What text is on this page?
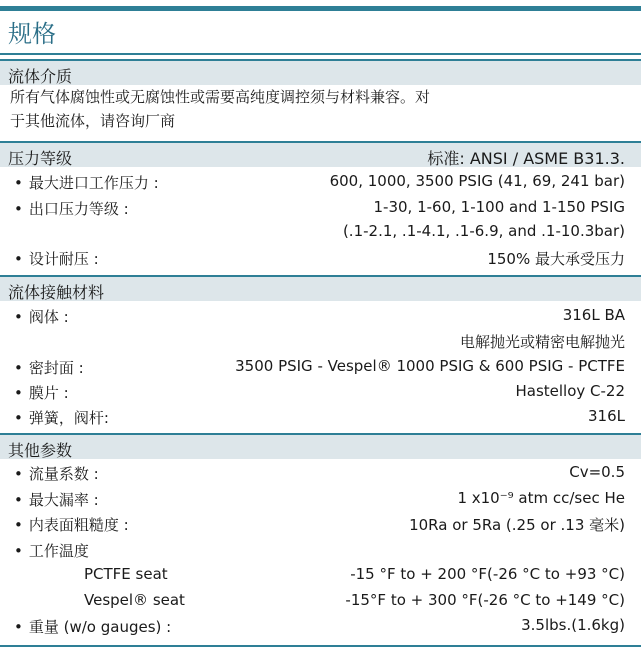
规格
流体介质
所有气体腐蚀性或无腐蚀性或需要高纯度调控须与材料兼容。对
于其他流体，请咨询厂商
压力等级	标准: ANSI / ASME B31.3.
• 最大进口工作压力 :	600, 1000, 3500 PSIG (41, 69, 241 bar)
• 出口压力等级 :	1-30, 1-60, 1-100 and 1-150 PSIG
(.1-2.1, .1-4.1, .1-6.9, and .1-10.3bar)
• 设计耐压 :	150% 最大承受压力
流体接触材料
• 阀体 :	316L BA
电解抛光或精密电解抛光
• 密封面 :	3500 PSIG - Vespel® 1000 PSIG & 600 PSIG - PCTFE
• 膜片 :	Hastelloy C-22
• 弹簧，阀杆:	316L
其他参数
• 流量系数 :	Cv=0.5
• 最大漏率 :	1 x10⁻⁹ atm cc/sec He
• 内表面粗糙度 :	10Ra or 5Ra (.25 or .13 毫米)
• 工作温度
PCTFE seat	-15 °F to + 200 °F(-26 °C to +93 °C)
Vespel® seat	-15°F to + 300 °F(-26 °C to +149 °C)
• 重量 (w/o gauges) :	3.5lbs.(1.6kg)
